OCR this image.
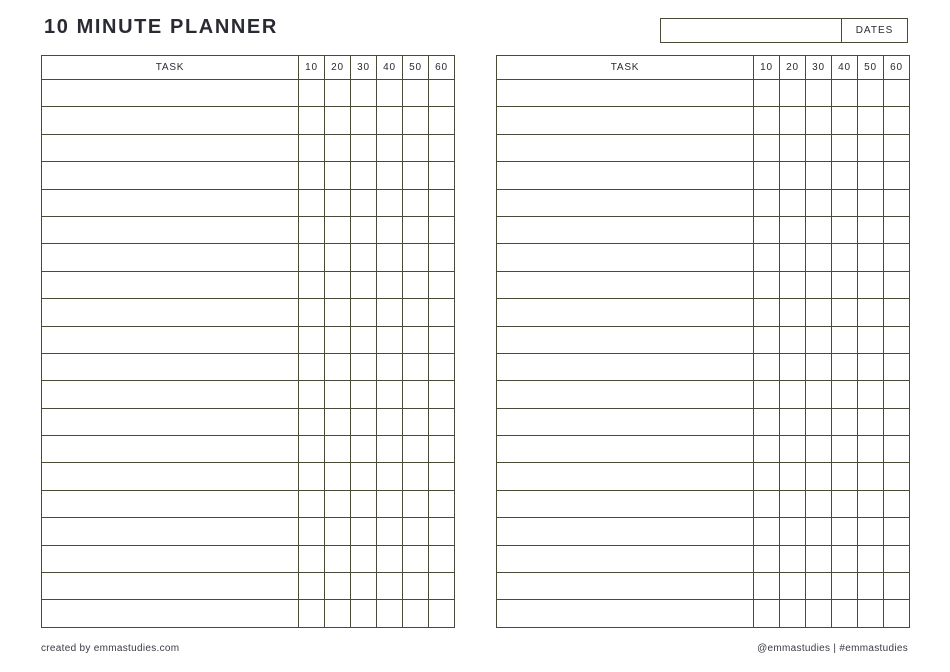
10 MINUTE PLANNER	DATES
TASK	10	20	30	40	50	60

							TASK	10	20	30	40	50	60

created by emmastudies.com	@emmastudies | #emmastudies
